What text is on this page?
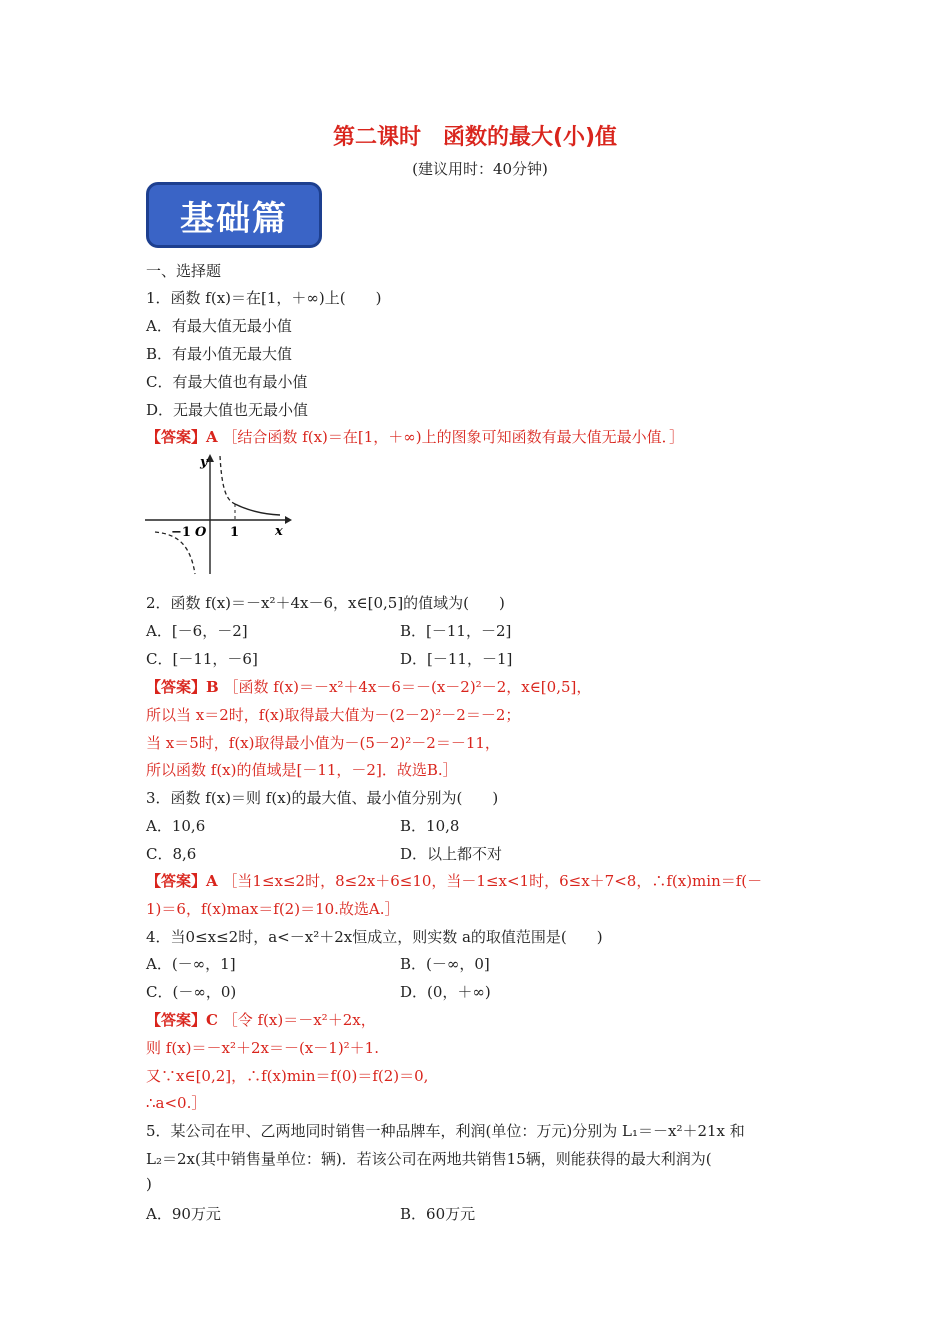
第二课时　函数的最大(小)值
(建议用时：40分钟)
基础篇
一、选择题
1．函数 f(x)＝在[1，＋∞)上(　　)
A．有最大值无最小值
B．有最小值无最大值
C．有最大值也有最小值
D．无最大值也无最小值
【答案】A ［结合函数 f(x)＝在[1，＋∞)上的图象可知函数有最大值无最小值．］
y
x
O
−1	1
2．函数 f(x)＝－x²＋4x－6，x∈[0,5]的值域为(　　)
A．[－6，－2]	B．[－11，－2]
C．[－11，－6]	D．[－11，－1]
【答案】B ［函数 f(x)＝－x²＋4x－6＝－(x－2)²－2，x∈[0,5]，
所以当 x＝2时，f(x)取得最大值为－(2－2)²－2＝－2；
当 x＝5时，f(x)取得最小值为－(5－2)²－2＝－11，
所以函数 f(x)的值域是[－11，－2]．故选B.］
3．函数 f(x)＝则 f(x)的最大值、最小值分别为(　　)
A．10,6	B．10,8
C．8,6	D．以上都不对
【答案】A ［当1≤x≤2时，8≤2x＋6≤10，当－1≤x<1时，6≤x＋7<8，∴f(x)min＝f(－
1)＝6，f(x)max＝f(2)＝10.故选A.］
4．当0≤x≤2时，a<－x²＋2x恒成立，则实数 a的取值范围是(　　)
A．(－∞，1]	B．(－∞，0]
C．(－∞，0)	D．(0，＋∞)
【答案】C ［令 f(x)＝－x²＋2x，
则 f(x)＝－x²＋2x＝－(x－1)²＋1.
又∵x∈[0,2]，∴f(x)min＝f(0)＝f(2)＝0,
∴a<0.］
5．某公司在甲、乙两地同时销售一种品牌车，利润(单位：万元)分别为 L₁＝－x²＋21x 和
L₂＝2x(其中销售量单位：辆)．若该公司在两地共销售15辆，则能获得的最大利润为(
)
A．90万元	B．60万元
